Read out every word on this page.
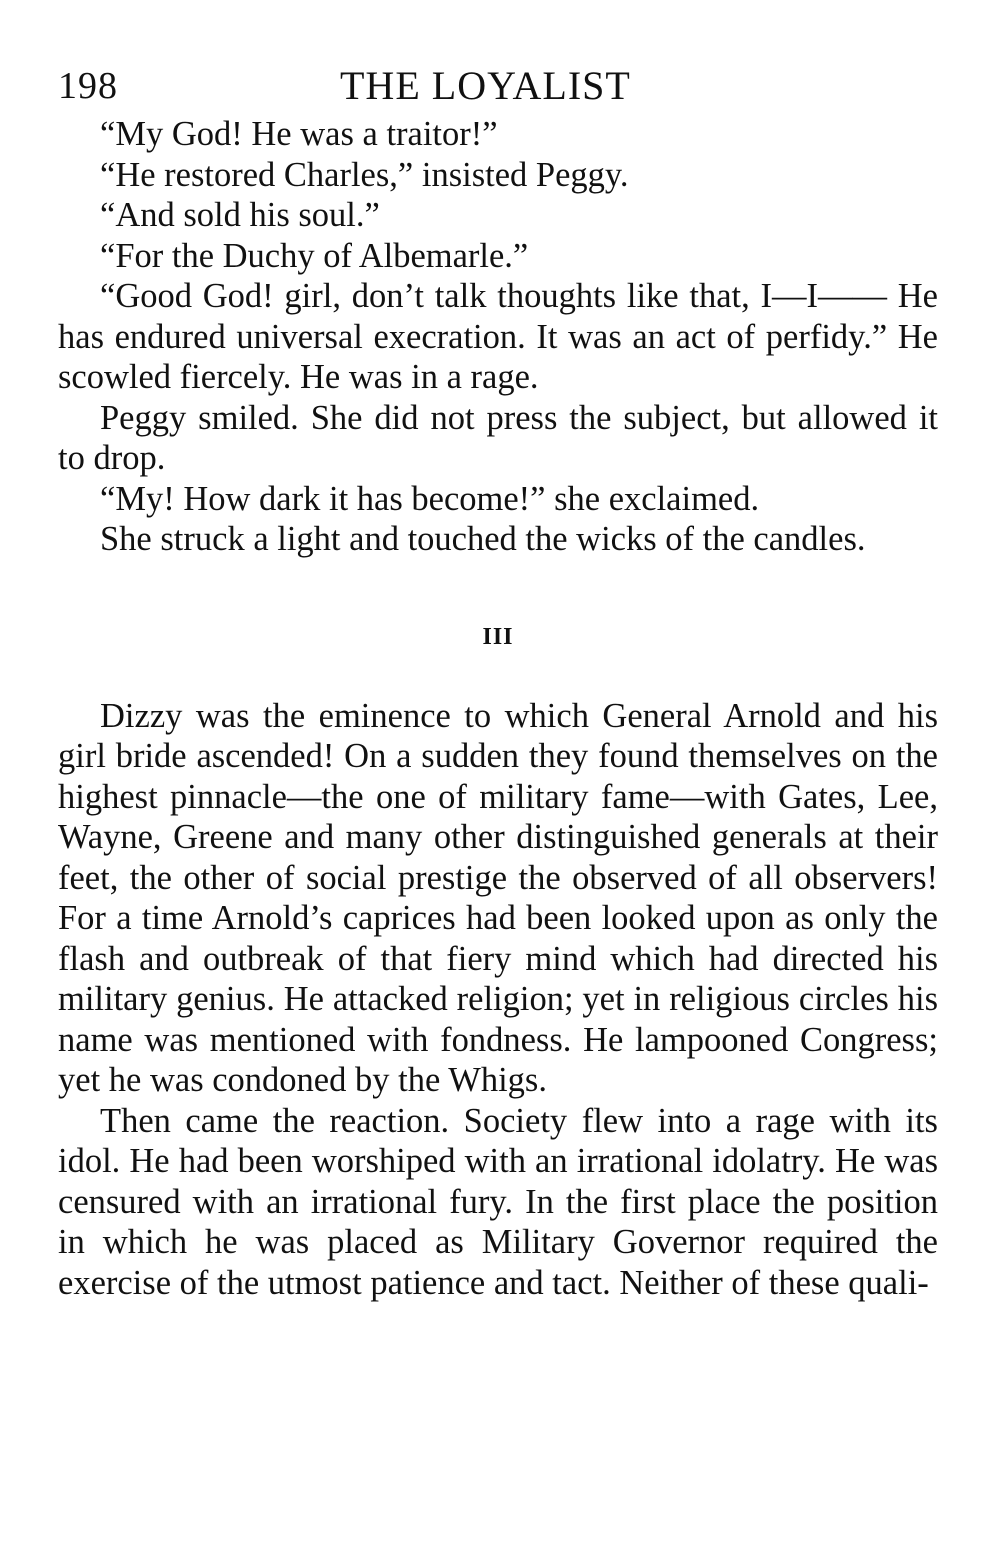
198	THE LOYALIST

“My God! He was a traitor!”

“He restored Charles,” insisted Peggy.

“And sold his soul.”

“For the Duchy of Albemarle.”

“Good God! girl, don’t talk thoughts like that, I—I—— He has endured universal execration. It was an act of perfidy.” He scowled fiercely. He was in a rage.

Peggy smiled. She did not press the subject, but allowed it to drop.

“My! How dark it has become!” she exclaimed.

She struck a light and touched the wicks of the candles.

III

Dizzy was the eminence to which General Arnold and his girl bride ascended! On a sudden they found themselves on the highest pinnacle—the one of military fame—with Gates, Lee, Wayne, Greene and many other distinguished generals at their feet, the other of social prestige the observed of all observers! For a time Arnold’s caprices had been looked upon as only the flash and outbreak of that fiery mind which had directed his military genius. He attacked religion; yet in religious circles his name was mentioned with fondness. He lampooned Congress; yet he was condoned by the Whigs.

Then came the reaction. Society flew into a rage with its idol. He had been worshiped with an irrational idolatry. He was censured with an irrational fury. In the first place the position in which he was placed as Military Governor required the exercise of the utmost patience and tact. Neither of these quali-
